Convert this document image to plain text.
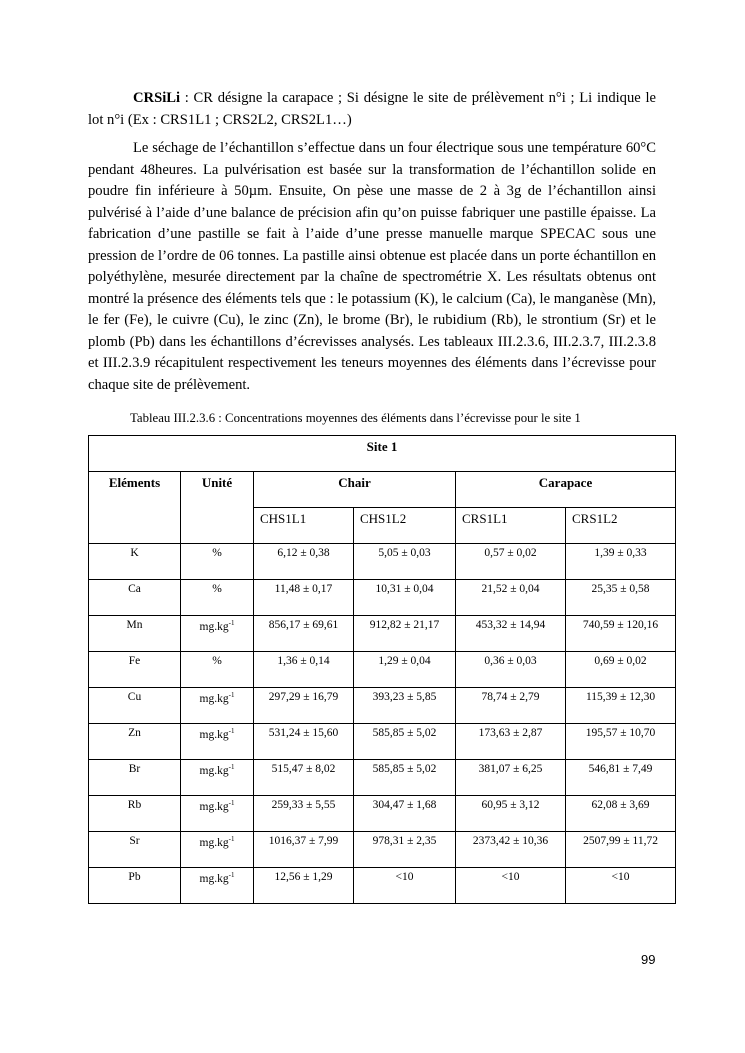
CRSiLi : CR désigne la carapace ; Si désigne le site de prélèvement n°i ; Li indique le lot n°i (Ex : CRS1L1 ; CRS2L2, CRS2L1…)

Le séchage de l’échantillon s’effectue dans un four électrique sous une température 60°C pendant 48heures. La pulvérisation est basée sur la transformation de l’échantillon solide en poudre fin inférieure à 50µm. Ensuite, On pèse une masse de 2 à 3g de l’échantillon ainsi pulvérisé à l’aide d’une balance de précision afin qu’on puisse fabriquer une pastille épaisse. La fabrication d’une pastille se fait à l’aide d’une presse manuelle marque SPECAC sous une pression de l’ordre de 06 tonnes. La pastille ainsi obtenue est placée dans un porte échantillon en polyéthylène, mesurée directement par la chaîne de spectrométrie X. Les résultats obtenus ont montré la présence des éléments tels que : le potassium (K), le calcium (Ca), le manganèse (Mn), le fer (Fe), le cuivre (Cu), le zinc (Zn), le brome (Br), le rubidium (Rb), le strontium (Sr) et le plomb (Pb) dans les échantillons d’écrevisses analysés. Les tableaux III.2.3.6, III.2.3.7, III.2.3.8 et III.2.3.9 récapitulent respectivement les teneurs moyennes des éléments dans l’écrevisse pour chaque site de prélèvement.

Tableau III.2.3.6 : Concentrations moyennes des éléments dans l’écrevisse pour le site 1

Site 1					
Eléments	Unité	Chair		Carapace	
		CHS1L1	CHS1L2	CRS1L1	CRS1L2
K	%	6,12 ± 0,38	5,05 ± 0,03	0,57 ± 0,02	1,39 ± 0,33
Ca	%	11,48 ± 0,17	10,31 ± 0,04	21,52 ± 0,04	25,35 ± 0,58
Mn	$mg.kg^{-1}$	856,17 ± 69,61	912,82 ± 21,17	453,32 ± 14,94	740,59 ± 120,16
Fe	%	1,36 ± 0,14	1,29 ± 0,04	0,36 ± 0,03	0,69 ± 0,02
Cu	$mg.kg^{-1}$	297,29 ± 16,79	393,23 ± 5,85	78,74 ± 2,79	115,39 ± 12,30
Zn	$mg.kg^{-1}$	531,24 ± 15,60	585,85 ± 5,02	173,63 ± 2,87	195,57 ± 10,70
Br	$mg.kg^{-1}$	515,47 ± 8,02	585,85 ± 5,02	381,07 ± 6,25	546,81 ± 7,49
Rb	$mg.kg^{-1}$	259,33 ± 5,55	304,47 ± 1,68	60,95 ± 3,12	62,08 ± 3,69
Sr	$mg.kg^{-1}$	1016,37 ± 7,99	978,31 ± 2,35	2373,42 ± 10,36	2507,99 ± 11,72
Pb	$mg.kg^{-1}$	12,56 ± 1,29	<10	<10	<10
99
